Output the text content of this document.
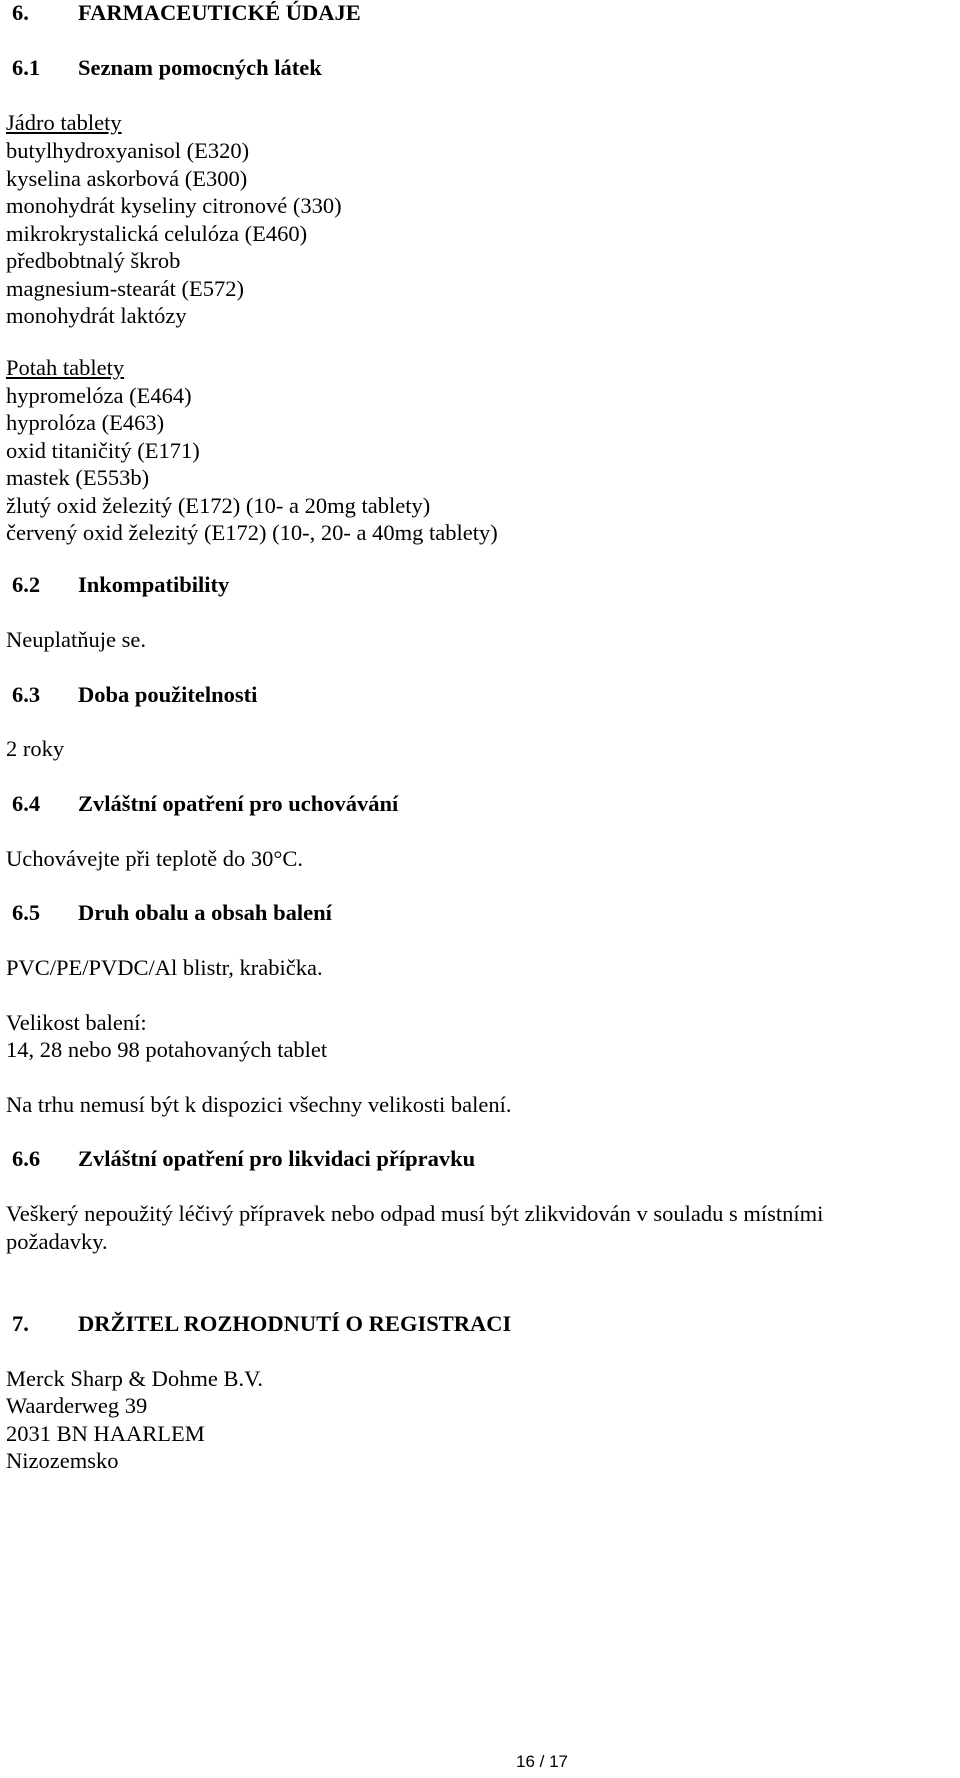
6. FARMACEUTICKÉ ÚDAJE
6.1 Seznam pomocných látek
Jádro tablety
butylhydroxyanisol (E320)
kyselina askorbová (E300)
monohydrát kyseliny citronové (330)
mikrokrystalická celulóza (E460)
předbobtnalý škrob
magnesium-stearát (E572)
monohydrát laktózy
Potah tablety
hypromelóza (E464)
hyprolóza (E463)
oxid titaničitý (E171)
mastek (E553b)
žlutý oxid železitý (E172) (10- a 20mg tablety)
červený oxid železitý (E172) (10-, 20- a 40mg tablety)
6.2 Inkompatibility
Neuplatňuje se.
6.3 Doba použitelnosti
2 roky
6.4 Zvláštní opatření pro uchovávání
Uchovávejte při teplotě do 30°C.
6.5 Druh obalu a obsah balení
PVC/PE/PVDC/Al blistr, krabička.
Velikost balení:
14, 28 nebo 98 potahovaných tablet
Na trhu nemusí být k dispozici všechny velikosti balení.
6.6 Zvláštní opatření pro likvidaci přípravku
Veškerý nepoužitý léčivý přípravek nebo odpad musí být zlikvidován v souladu s místními
požadavky.
7. DRŽITEL ROZHODNUTÍ O REGISTRACI
Merck Sharp & Dohme B.V.
Waarderweg 39
2031 BN HAARLEM
Nizozemsko
16 / 17
